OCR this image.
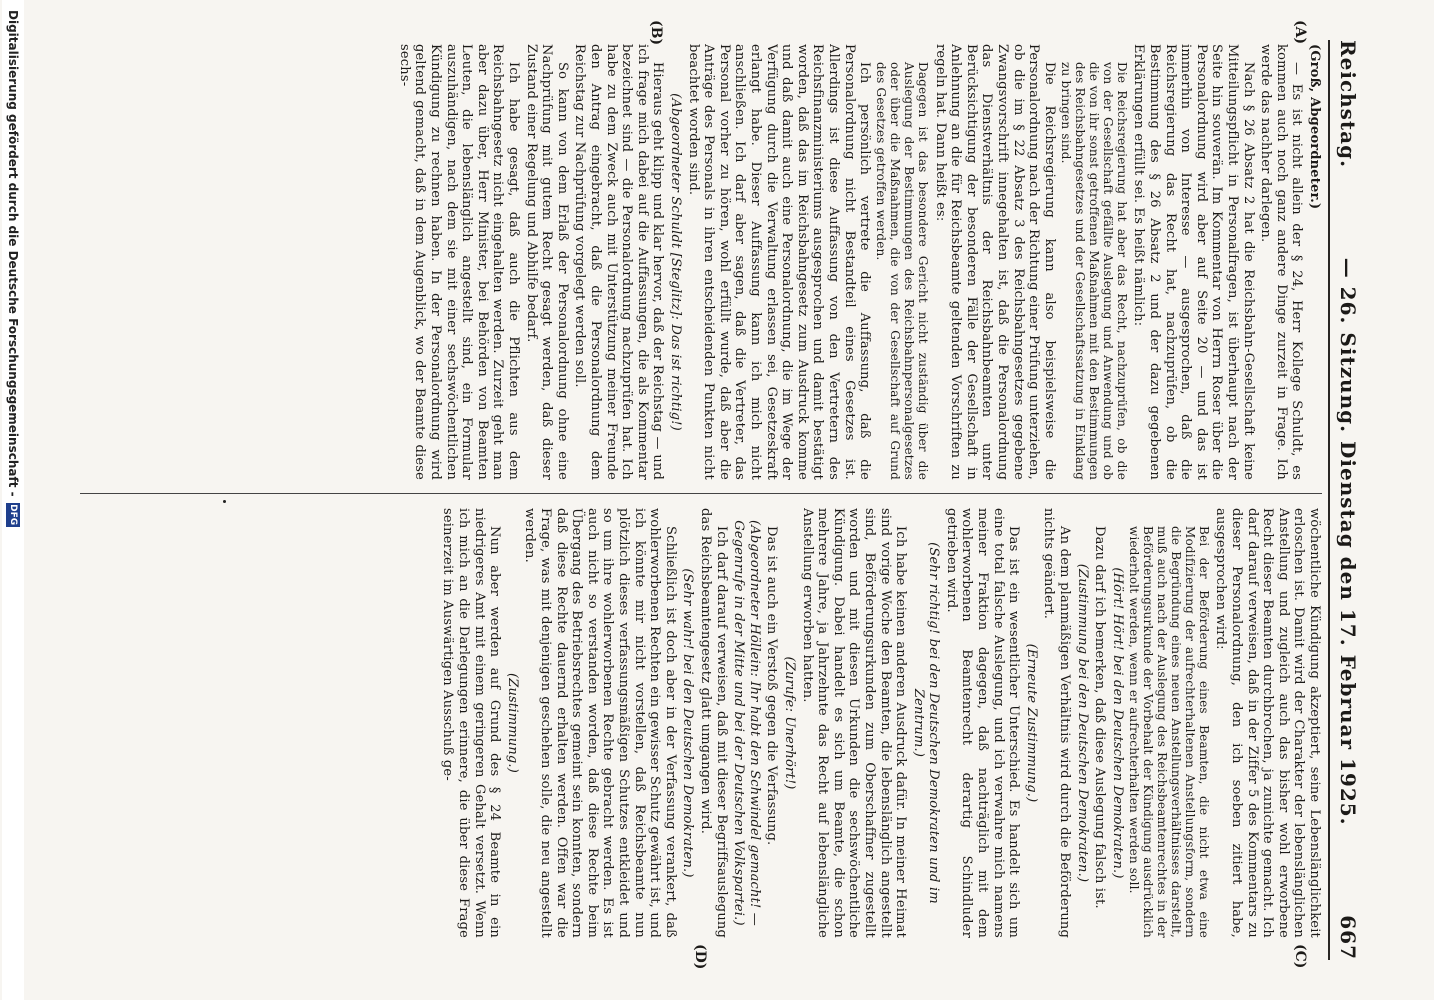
Reichstag.
— 26. Sitzung. Dienstag den 17. Februar 1925.
667
(A)
(B)
(C)
(D)

(Groß, Abgeordneter.)

— Es ist nicht allein der § 24, Herr Kollege Schuldt, es kommen auch noch ganz andere Dinge zurzeit in Frage. Ich werde das nachher darlegen.

Nach § 26 Absatz 2 hat die Reichsbahn-Gesellschaft keine Mitteilungspflicht in Personalfragen, ist überhaupt nach der Seite hin souverän. Im Kommentar von Herrn Roser über die Personalordnung wird aber auf Seite 20 — und das ist immerhin von Interesse — ausgesprochen, daß die Reichsregierung das Recht hat, nachzuprüfen, ob die Bestimmung des § 26 Absatz 2 und der dazu gegebenen Erklärungen erfüllt sei. Es heißt nämlich:

Die Reichsregierung hat aber das Recht, nachzuprüfen, ob die von der Gesellschaft gefällte Auslegung und Anwendung und ob die von ihr sonst getroffenen Maßnahmen mit den Bestimmungen des Reichsbahngesetzes und der Gesellschaftssatzung in Einklang zu bringen sind.

Die Reichsregierung kann also beispielsweise die Personalordnung nach der Richtung einer Prüfung unterziehen, ob die im § 22 Absatz 3 des Reichsbahngesetzes gegebene Zwangsvorschrift innegehalten ist, daß die Personalordnung das Dienstverhältnis der Reichsbahnbeamten unter Berücksichtigung der besonderen Fälle der Gesellschaft in Anlehnung an die für Reichsbeamte geltenden Vorschriften zu regeln hat. Dann heißt es:

Dagegen ist das besondere Gericht nicht zuständig über die Auslegung der Bestimmungen des Reichsbahnpersonalgesetzes oder über die Maßnahmen, die von der Gesellschaft auf Grund des Gesetzes getroffen werden.

Ich persönlich vertrete die Auffassung, daß die Personalordnung nicht Bestandteil eines Gesetzes ist. Allerdings ist diese Auffassung von den Vertretern des Reichsfinanzministeriums ausgesprochen und damit bestätigt worden, daß das im Reichsbahngesetz zum Ausdruck komme und daß damit auch eine Personalordnung, die im Wege der Verfügung durch die Verwaltung erlassen sei, Gesetzeskraft erlangt habe. Dieser Auffassung kann ich mich nicht anschließen. Ich darf aber sagen, daß die Vertreter, das Personal vorher zu hören, wohl erfüllt wurde, daß aber die Anträge des Personals in ihren entscheidenden Punkten nicht beachtet worden sind.

(Abgeordneter Schuldt [Steglitz]: Das ist richtig!)

Hieraus geht klipp und klar hervor, daß der Reichstag — und ich frage mich dabei auf die Auffassungen, die als Kommentar bezeichnet sind — die Personalordnung nachzuprüfen hat. Ich habe zu dem Zweck auch mit Unterstützung meiner Freunde den Antrag eingebracht, daß die Personalordnung dem Reichstag zur Nachprüfung vorgelegt werden soll.

So kann von dem Erlaß der Personalordnung ohne eine Nachprüfung mit gutem Recht gesagt werden, daß dieser Zustand einer Regelung und Abhilfe bedarf.

Ich habe gesagt, daß auch die Pflichten aus dem Reichsbahngesetz nicht eingehalten werden. Zurzeit geht man aber dazu über, Herr Minister, bei Behörden von Beamten Leuten, die lebenslänglich angestellt sind, ein Formular auszuhändigen, nach dem sie mit einer sechswöchentlichen Kündigung zu rechnen haben. In der Personalordnung wird geltend gemacht, daß in dem Augenblick, wo der Beamte diese sechs-

wöchentliche Kündigung akzeptiert, seine Lebenslänglichkeit erloschen ist. Damit wird der Charakter der lebenslänglichen Anstellung und zugleich auch das bisher wohl erworbene Recht dieser Beamten durchbrochen, ja zunichte gemacht. Ich darf darauf verweisen, daß in der Ziffer 5 des Kommentars zu dieser Personalordnung, den ich soeben zitiert habe, ausgesprochen wird:

Bei der Beförderung eines Beamten, die nicht etwa eine Modifizierung der aufrechterhaltenen Anstellungsform, sondern die Begründung eines neuen Anstellungsverhältnisses darstellt, muß auch nach der Auslegung des Reichsbeamtenrechtes in der Beförderungsurkunde der Vorbehalt der Kündigung ausdrücklich wiederholt werden, wenn er aufrechterhalten werden soll.

(Hört! Hört! bei den Deutschen Demokraten.)

Dazu darf ich bemerken, daß diese Auslegung falsch ist.

(Zustimmung bei den Deutschen Demokraten.)

An dem planmäßigen Verhältnis wird durch die Beförderung nichts geändert.

(Erneute Zustimmung.)

Das ist ein wesentlicher Unterschied. Es handelt sich um eine total falsche Auslegung, und ich verwahre mich namens meiner Fraktion dagegen, daß nachträglich mit dem wohlerworbenen Beamtenrecht derartig Schindluder getrieben wird.

(Sehr richtig! bei den Deutschen Demokraten und im Zentrum.)

Ich habe keinen anderen Ausdruck dafür. In meiner Heimat sind vorige Woche den Beamten, die lebenslänglich angestellt sind, Beförderungsurkunden zum Oberschaffner zugestellt worden und mit diesen Urkunden die sechswöchentliche Kündigung. Dabei handelt es sich um Beamte, die schon mehrere Jahre, ja Jahrzehnte das Recht auf lebenslängliche Anstellung erworben hatten.

(Zurufe: Unerhört!)

Das ist auch ein Verstoß gegen die Verfassung.

(Abgeordneter Höllein: Ihr habt den Schwindel gemacht! — Gegenrufe in der Mitte und bei der Deutschen Volkspartei.)

Ich darf darauf verweisen, daß mit dieser Begriffsauslegung das Reichsbeamtengesetz glatt umgangen wird.

(Sehr wahr! bei den Deutschen Demokraten.)

Schließlich ist doch aber in der Verfassung verankert, daß wohlerworbenen Rechten ein gewisser Schutz gewährt ist, und ich könnte mir nicht vorstellen, daß Reichsbeamte nun plötzlich dieses verfassungsmäßigen Schutzes entkleidet und so um ihre wohlerworbenen Rechte gebracht werden. Es ist auch nicht so verstanden worden, daß diese Rechte beim Übergang des Betriebsrechtes gemeint sein konnten, sondern daß diese Rechte dauernd erhalten werden. Offen war die Frage, was mit denjenigen geschehen solle, die neu angestellt werden.

(Zustimmung.)

Nun aber werden auf Grund des § 24 Beamte in ein niedrigeres Amt mit einem geringeren Gehalt versetzt. Wenn ich mich an die Darlegungen erinnere, die über diese Frage seinerzeit im Auswärtigen Ausschuß ge-

Digitalisierung gefördert durch die Deutsche Forschungsgemeinschaft -
DFG
